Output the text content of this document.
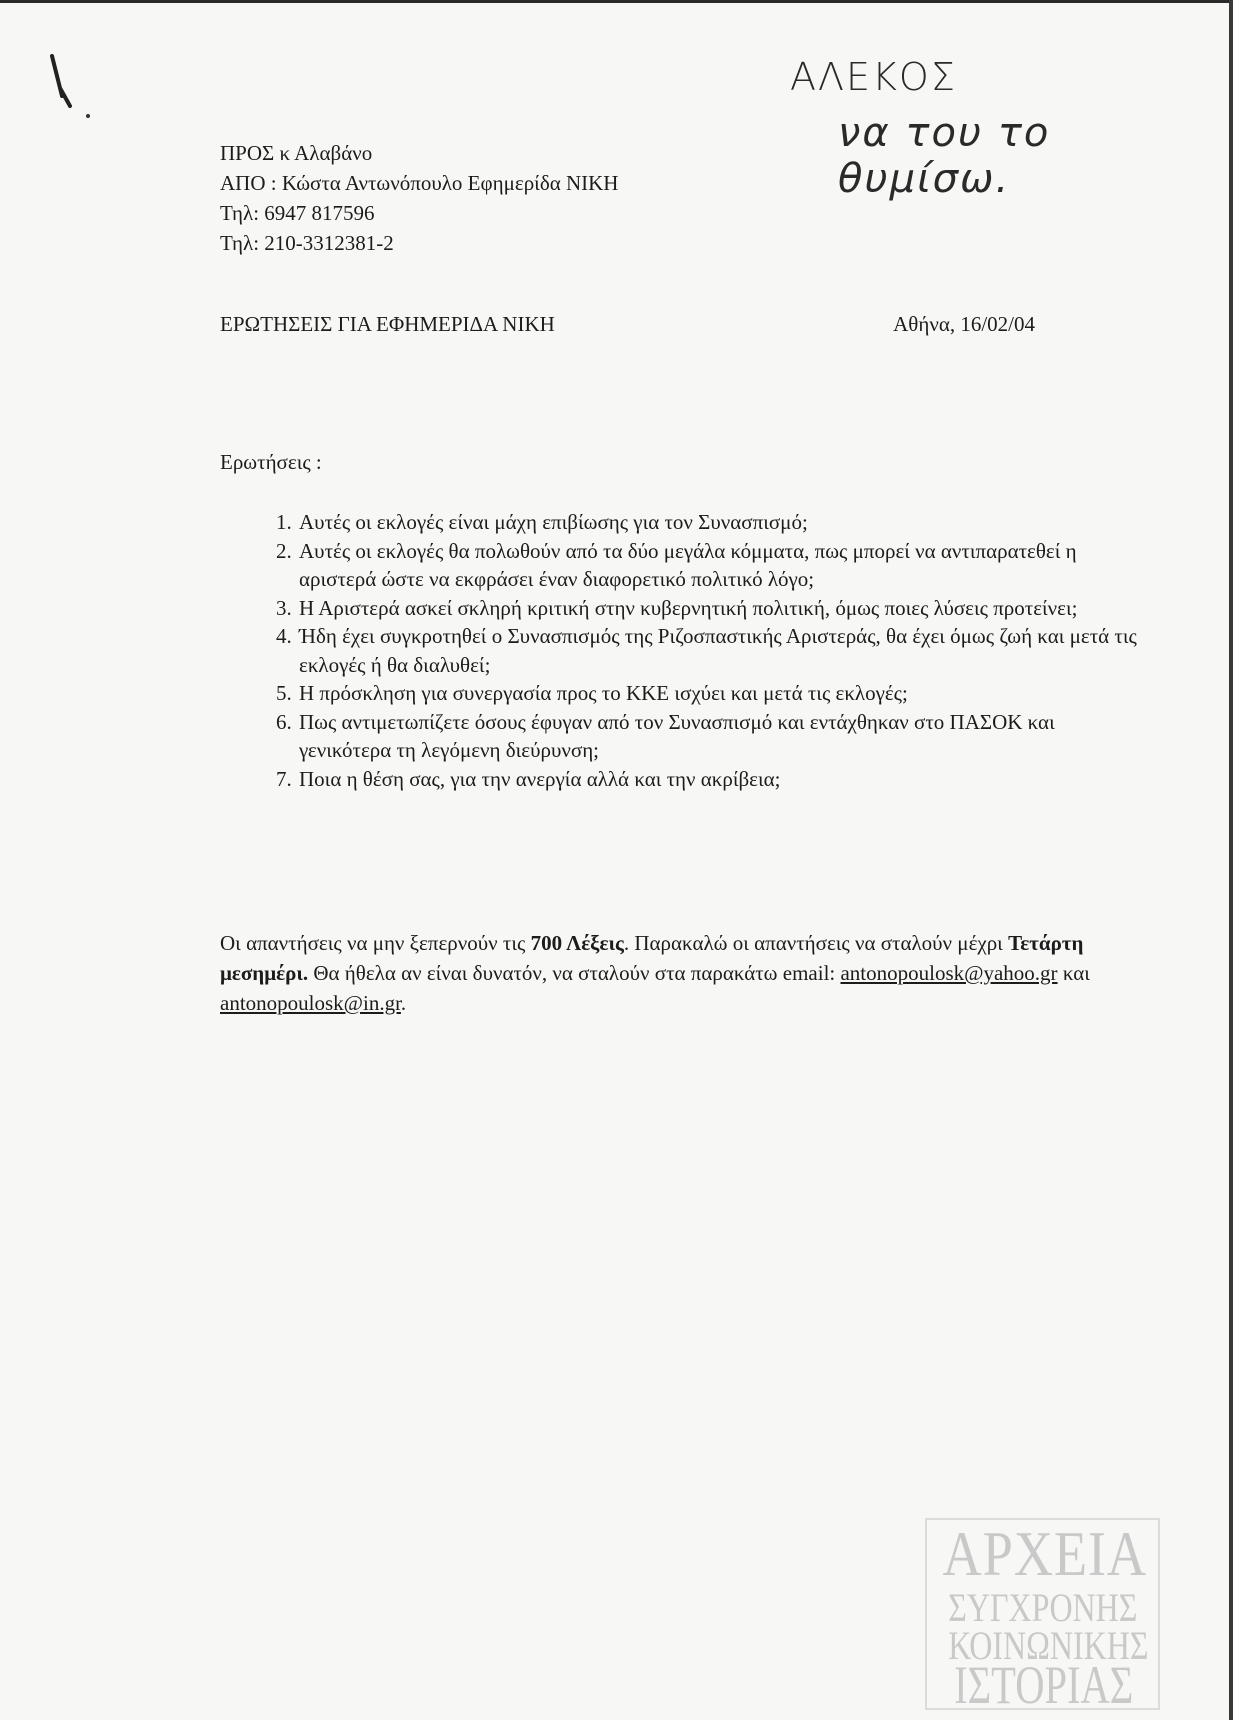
ΑΛΕΚΟΣ
να του το θυμίσω.
ΠΡΟΣ κ Αλαβάνο
ΑΠΟ : Κώστα Αντωνόπουλο Εφημερίδα ΝΙΚΗ
Τηλ: 6947 817596
Τηλ: 210-3312381-2
ΕΡΩΤΗΣΕΙΣ ΓΙΑ ΕΦΗΜΕΡΙΔΑ ΝΙΚΗ	Αθήνα, 16/02/04
Ερωτήσεις :
1. Αυτές οι εκλογές είναι μάχη επιβίωσης για τον Συνασπισμό;
2. Αυτές οι εκλογές θα πολωθούν από τα δύο μεγάλα κόμματα, πως μπορεί να αντιπαρατεθεί η αριστερά ώστε να εκφράσει έναν διαφορετικό πολιτικό λόγο;
3. Η Αριστερά ασκεί σκληρή κριτική στην κυβερνητική πολιτική, όμως ποιες λύσεις προτείνει;
4. Ήδη έχει συγκροτηθεί ο Συνασπισμός της Ριζοσπαστικής Αριστεράς, θα έχει όμως ζωή και μετά τις εκλογές ή θα διαλυθεί;
5. Η πρόσκληση για συνεργασία προς το ΚΚΕ ισχύει και μετά τις εκλογές;
6. Πως αντιμετωπίζετε όσους έφυγαν από τον Συνασπισμό και εντάχθηκαν στο ΠΑΣΟΚ και γενικότερα τη λεγόμενη διεύρυνση;
7. Ποια η θέση σας, για την ανεργία αλλά και την ακρίβεια;
Οι απαντήσεις να μην ξεπερνούν τις 700 Λέξεις. Παρακαλώ οι απαντήσεις να σταλούν μέχρι Τετάρτη μεσημέρι. Θα ήθελα αν είναι δυνατόν, να σταλούν στα παρακάτω email: antonopoulosk@yahoo.gr και antonopoulosk@in.gr.
ΑΡΧΕΙΑ
ΣΥΓΧΡΟΝΗΣ
ΚΟΙΝΩΝΙΚΗΣ
ΙΣΤΟΡΙΑΣ
